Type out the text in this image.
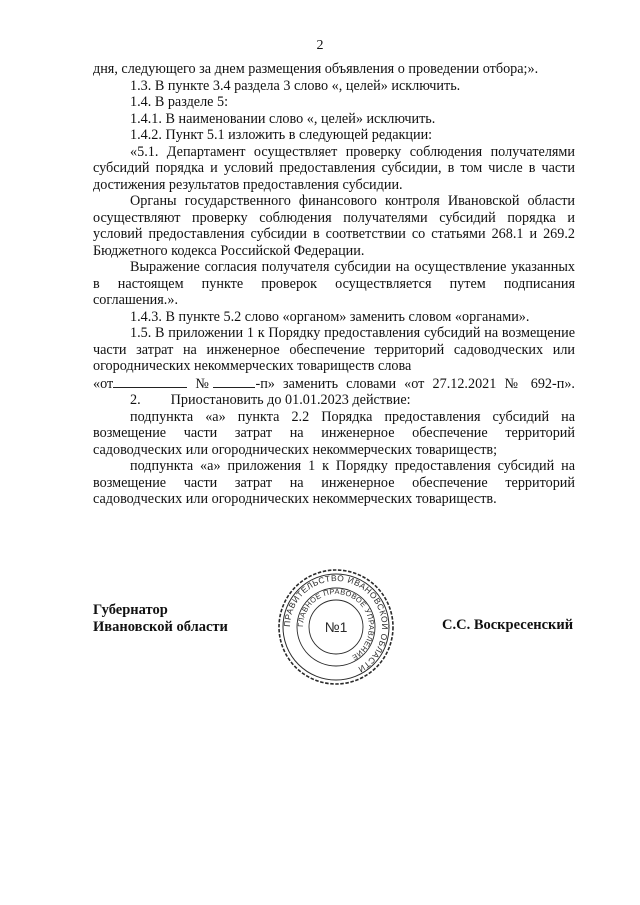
2

дня, следующего за днем размещения объявления о проведении отбора;».

1.3. В пункте 3.4 раздела 3 слово «, целей» исключить.

1.4. В разделе 5:

1.4.1. В наименовании слово «, целей» исключить.

1.4.2. Пункт 5.1 изложить в следующей редакции:

«5.1. Департамент осуществляет проверку соблюдения получателями субсидий порядка и условий предоставления субсидии, в том числе в части достижения результатов предоставления субсидии.

Органы государственного финансового контроля Ивановской области осуществляют проверку соблюдения получателями субсидий порядка и условий предоставления субсидии в соответствии со статьями 268.1 и 269.2 Бюджетного кодекса Российской Федерации.

Выражение согласия получателя субсидии на осуществление указанных в настоящем пункте проверок осуществляется путем подписания соглашения.».

1.4.3. В пункте 5.2 слово «органом» заменить словом «органами».

1.5. В приложении 1 к Порядку предоставления субсидий на возмещение части затрат на инженерное обеспечение территорий садоводческих или огороднических некоммерческих товариществ слова

«от	№	-п» заменить словами «от 27.12.2021 № 692-п».

2. Приостановить до 01.01.2023 действие:

подпункта «а» пункта 2.2 Порядка предоставления субсидий на возмещение части затрат на инженерное обеспечение территорий садоводческих или огороднических некоммерческих товариществ;

подпункта «а» приложения 1 к Порядку предоставления субсидий на возмещение части затрат на инженерное обеспечение территорий садоводческих или огороднических некоммерческих товариществ.

Губернатор
Ивановской области	ПРАВИТЕЛЬСТВО ИВАНОВСКОЙ ОБЛАСТИ
ГЛАВНОЕ ПРАВОВОЕ УПРАВЛЕНИЕ
№1	С.С. Воскресенский
